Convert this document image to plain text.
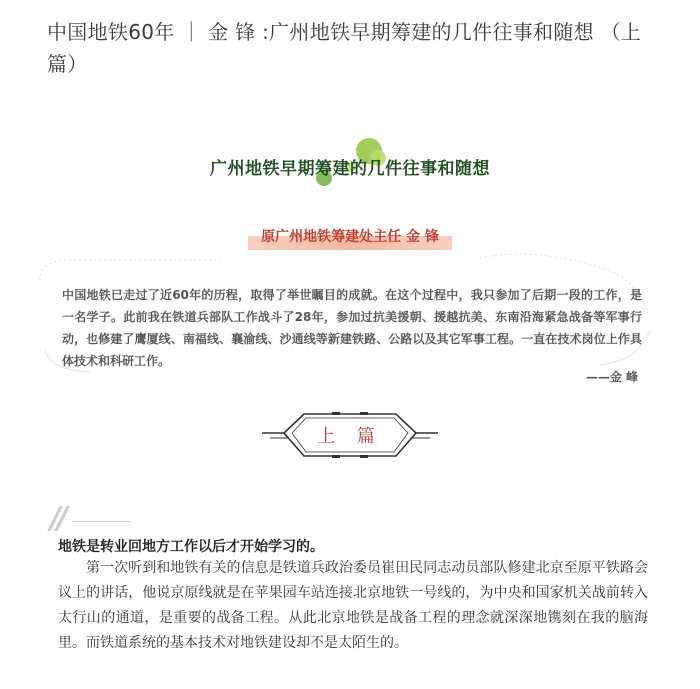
中国地铁60年 ｜ 金 锋 :广州地铁早期筹建的几件往事和随想 （上篇）
广州地铁早期筹建的几件往事和随想
原广州地铁筹建处主任 金 锋
中国地铁已走过了近60年的历程，取得了举世瞩目的成就。在这个过程中，我只参加了后期一段的工作，是一名学子。此前我在铁道兵部队工作战斗了28年，参加过抗美援朝、援越抗美、东南沿海紧急战备等军事行动，也修建了鹰厦线、南福线、襄渝线、沙通线等新建铁路、公路以及其它军事工程。一直在技术岗位上作具体技术和科研工作。
——金 峰
上 篇
//
地铁是转业回地方工作以后才开始学习的。
第一次听到和地铁有关的信息是铁道兵政治委员崔田民同志动员部队修建北京至原平铁路会议上的讲话，他说京原线就是在苹果园车站连接北京地铁一号线的，为中央和国家机关战前转入太行山的通道，是重要的战备工程。从此北京地铁是战备工程的理念就深深地镌刻在我的脑海里。而铁道系统的基本技术对地铁建设却不是太陌生的。
